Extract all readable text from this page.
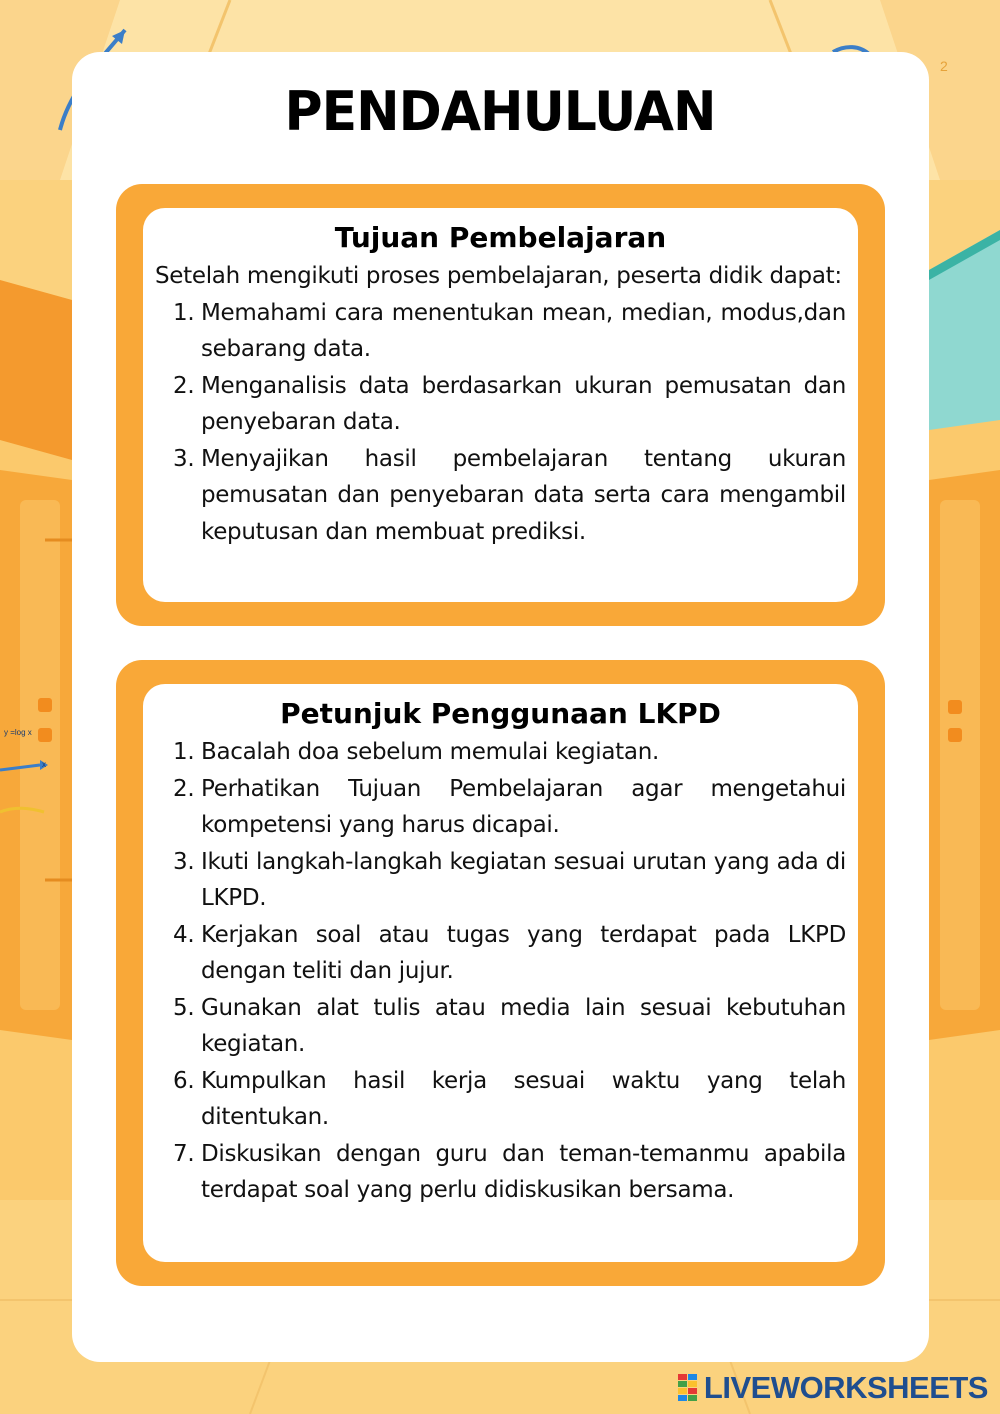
y =log x
x
2
PENDAHULUAN
Tujuan Pembelajaran

Setelah mengikuti proses pembelajaran, peserta didik dapat:

1. Memahami cara menentukan mean, median, modus,dan sebarang data.
2. Menganalisis data berdasarkan ukuran pemusatan dan penyebaran data.
3. Menyajikan hasil pembelajaran tentang ukuran pemusatan dan penyebaran data serta cara mengambil keputusan dan membuat prediksi.
Petunjuk Penggunaan LKPD
1. Bacalah doa sebelum memulai kegiatan.
2. Perhatikan Tujuan Pembelajaran agar mengetahui kompetensi yang harus dicapai.
3. Ikuti langkah-langkah kegiatan sesuai urutan yang ada di LKPD.
4. Kerjakan soal atau tugas yang terdapat pada LKPD dengan teliti dan jujur.
5. Gunakan alat tulis atau media lain sesuai kebutuhan kegiatan.
6. Kumpulkan hasil kerja sesuai waktu yang telah ditentukan.
7. Diskusikan dengan guru dan teman-temanmu apabila terdapat soal yang perlu didiskusikan bersama.
LIVEWORKSHEETS
